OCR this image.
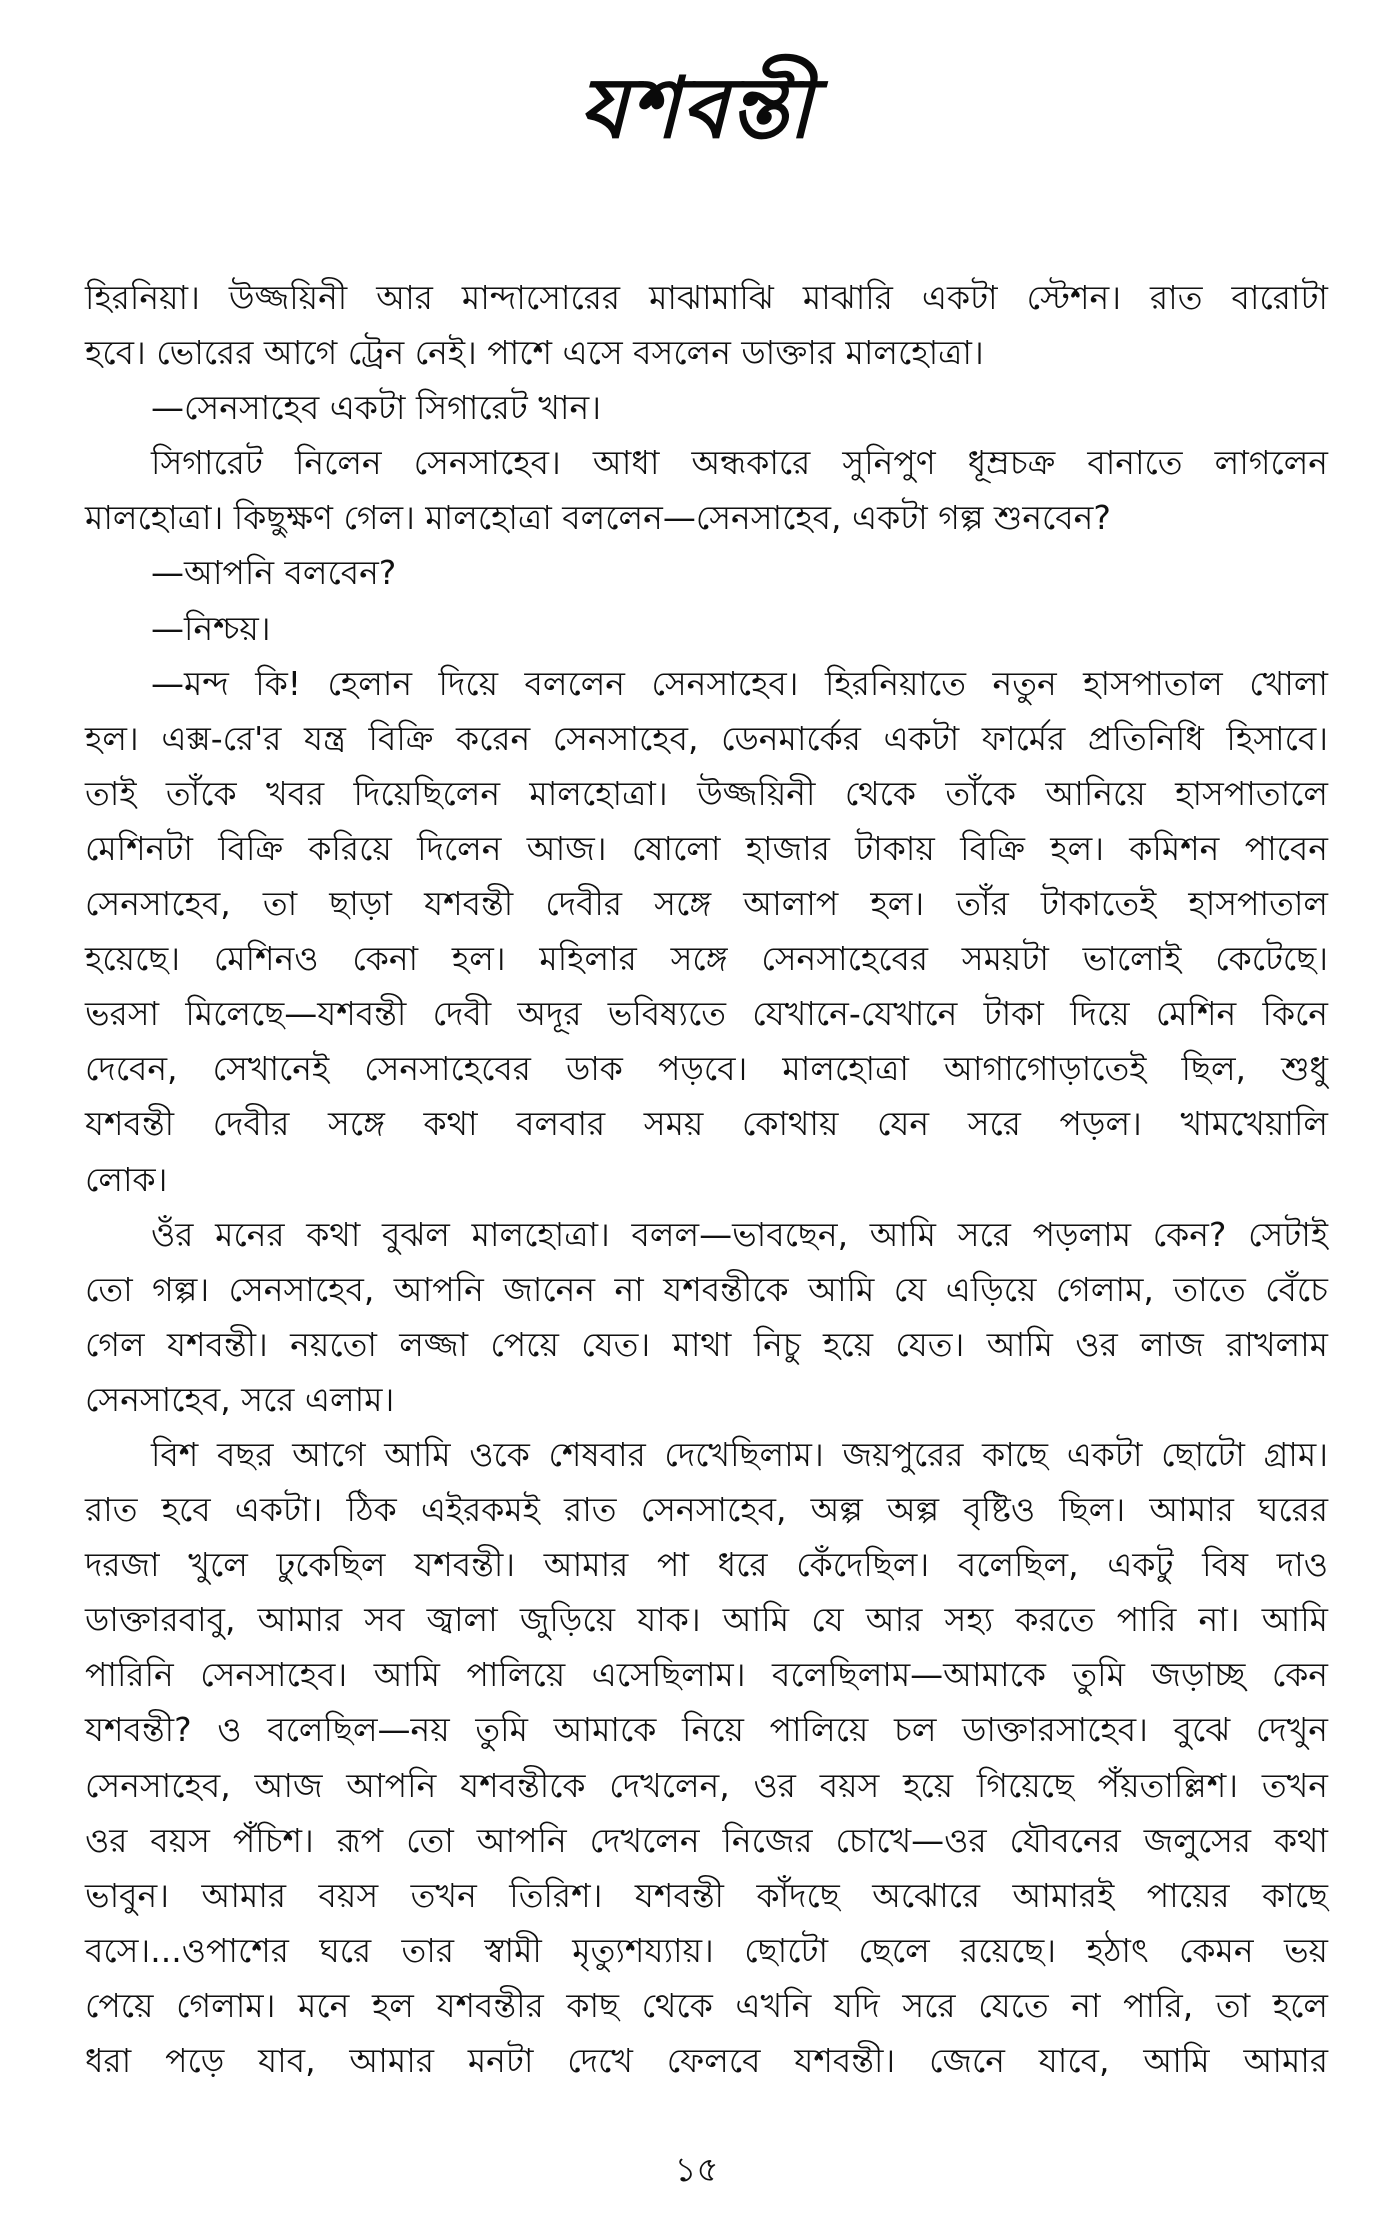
যশবন্তী
হিরনিয়া। উজ্জয়িনী আর মান্দাসোরের মাঝামাঝি মাঝারি একটা স্টেশন। রাত বারোটা
হবে। ভোরের আগে ট্রেন নেই। পাশে এসে বসলেন ডাক্তার মালহোত্রা।
—সেনসাহেব একটা সিগারেট খান।
সিগারেট নিলেন সেনসাহেব। আধা অন্ধকারে সুনিপুণ ধূম্রচক্র বানাতে লাগলেন
মালহোত্রা। কিছুক্ষণ গেল। মালহোত্রা বললেন—সেনসাহেব, একটা গল্প শুনবেন?
—আপনি বলবেন?
—নিশ্চয়।
—মন্দ কি! হেলান দিয়ে বললেন সেনসাহেব। হিরনিয়াতে নতুন হাসপাতাল খোলা
হল। এক্স-রে'র যন্ত্র বিক্রি করেন সেনসাহেব, ডেনমার্কের একটা ফার্মের প্রতিনিধি হিসাবে।
তাই তাঁকে খবর দিয়েছিলেন মালহোত্রা। উজ্জয়িনী থেকে তাঁকে আনিয়ে হাসপাতালে
মেশিনটা বিক্রি করিয়ে দিলেন আজ। ষোলো হাজার টাকায় বিক্রি হল। কমিশন পাবেন
সেনসাহেব, তা ছাড়া যশবন্তী দেবীর সঙ্গে আলাপ হল। তাঁর টাকাতেই হাসপাতাল
হয়েছে। মেশিনও কেনা হল। মহিলার সঙ্গে সেনসাহেবের সময়টা ভালোই কেটেছে।
ভরসা মিলেছে—যশবন্তী দেবী অদূর ভবিষ্যতে যেখানে-যেখানে টাকা দিয়ে মেশিন কিনে
দেবেন, সেখানেই সেনসাহেবের ডাক পড়বে। মালহোত্রা আগাগোড়াতেই ছিল, শুধু
যশবন্তী দেবীর সঙ্গে কথা বলবার সময় কোথায় যেন সরে পড়ল। খামখেয়ালি
লোক।
ওঁর মনের কথা বুঝল মালহোত্রা। বলল—ভাবছেন, আমি সরে পড়লাম কেন? সেটাই
তো গল্প। সেনসাহেব, আপনি জানেন না যশবন্তীকে আমি যে এড়িয়ে গেলাম, তাতে বেঁচে
গেল যশবন্তী। নয়তো লজ্জা পেয়ে যেত। মাথা নিচু হয়ে যেত। আমি ওর লাজ রাখলাম
সেনসাহেব, সরে এলাম।
বিশ বছর আগে আমি ওকে শেষবার দেখেছিলাম। জয়পুরের কাছে একটা ছোটো গ্রাম।
রাত হবে একটা। ঠিক এইরকমই রাত সেনসাহেব, অল্প অল্প বৃষ্টিও ছিল। আমার ঘরের
দরজা খুলে ঢুকেছিল যশবন্তী। আমার পা ধরে কেঁদেছিল। বলেছিল, একটু বিষ দাও
ডাক্তারবাবু, আমার সব জ্বালা জুড়িয়ে যাক। আমি যে আর সহ্য করতে পারি না। আমি
পারিনি সেনসাহেব। আমি পালিয়ে এসেছিলাম। বলেছিলাম—আমাকে তুমি জড়াচ্ছ কেন
যশবন্তী? ও বলেছিল—নয় তুমি আমাকে নিয়ে পালিয়ে চল ডাক্তারসাহেব। বুঝে দেখুন
সেনসাহেব, আজ আপনি যশবন্তীকে দেখলেন, ওর বয়স হয়ে গিয়েছে পঁয়তাল্লিশ। তখন
ওর বয়স পঁচিশ। রূপ তো আপনি দেখলেন নিজের চোখে—ওর যৌবনের জলুসের কথা
ভাবুন। আমার বয়স তখন তিরিশ। যশবন্তী কাঁদছে অঝোরে আমারই পায়ের কাছে
বসে।...ওপাশের ঘরে তার স্বামী মৃত্যুশয্যায়। ছোটো ছেলে রয়েছে। হঠাৎ কেমন ভয়
পেয়ে গেলাম। মনে হল যশবন্তীর কাছ থেকে এখনি যদি সরে যেতে না পারি, তা হলে
ধরা পড়ে যাব, আমার মনটা দেখে ফেলবে যশবন্তী। জেনে যাবে, আমি আমার
১৫
